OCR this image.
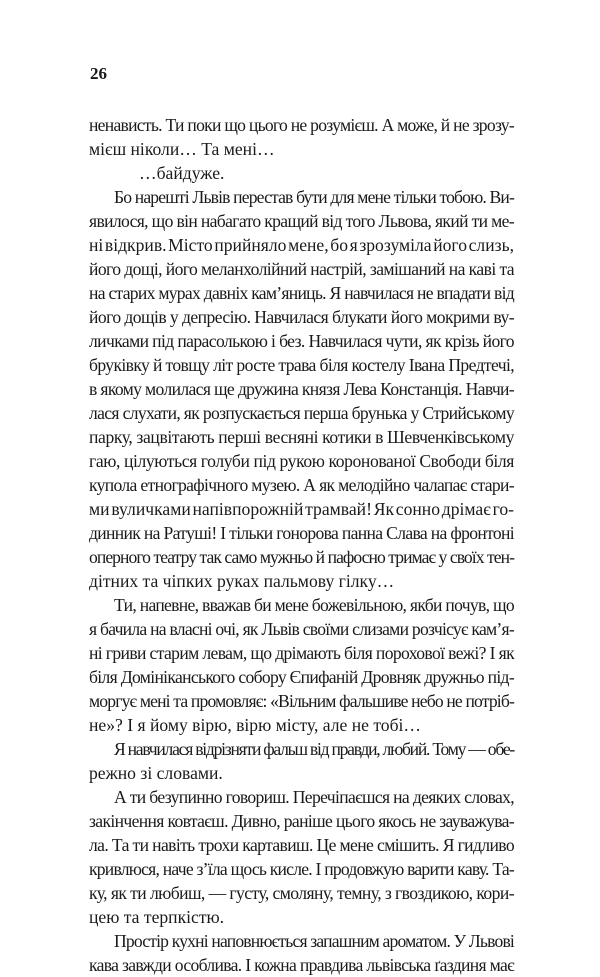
26

ненависть. Ти поки що цього не розумієш. А може, й не зрозу-
мієш ніколи… Та мені…

…байдуже.

Бо нарешті Львів перестав бути для мене тільки тобою. Ви-
явилося, що він набагато кращий від того Львова, який ти ме-
ні відкрив. Місто прийняло мене, бо я зрозуміла його слизь,
його дощі, його меланхолійний настрій, замішаний на каві та
на старих мурах давніх кам’яниць. Я навчилася не впадати від
його дощів у депресію. Навчилася блукати його мокрими ву-
личками під парасолькою і без. Навчилася чути, як крізь його
бруківку й товщу літ росте трава біля костелу Івана Предтечі,
в якому молилася ще дружина князя Лева Констанція. Навчи-
лася слухати, як розпускається перша брунька у Стрийському
парку, зацвітають перші весняні котики в Шевченківському
гаю, цілуються голуби під рукою коронованої Свободи біля
купола етнографічного музею. А як мелодійно чалапає стари-
ми вуличками напівпорожній трамвай! Як сонно дрімає го-
динник на Ратуші! І тільки гонорова панна Слава на фронтоні
оперного театру так само мужньо й пафосно тримає у своїх тен-
дітних та чіпких руках пальмову гілку…

Ти, напевне, вважав би мене божевільною, якби почув, що
я бачила на власні очі, як Львів своїми слизами розчісує кам’я-
ні гриви старим левам, що дрімають біля порохової вежі? І як
біля Домініканського собору Єпифаній Дровняк дружньо під-
моргує мені та промовляє: «Вільним фальшиве небо не потріб-
не»? І я йому вірю, вірю місту, але не тобі…

Я навчилася відрізняти фальш від правди, любий. Тому — обе-
режно зі словами.

А ти безупинно говориш. Перечіпаєшся на деяких словах,
закінчення ковтаєш. Дивно, раніше цього якось не зауважува-
ла. Та ти навіть трохи картавиш. Це мене смішить. Я гидливо
кривлюся, наче з’їла щось кисле. І продовжую варити каву. Та-
ку, як ти любиш, — густу, смоляну, темну, з гвоздикою, кори-
цею та терпкістю.

Простір кухні наповнюється запашним ароматом. У Львові
кава завжди особлива. І кожна правдива львівська ґаздиня має
